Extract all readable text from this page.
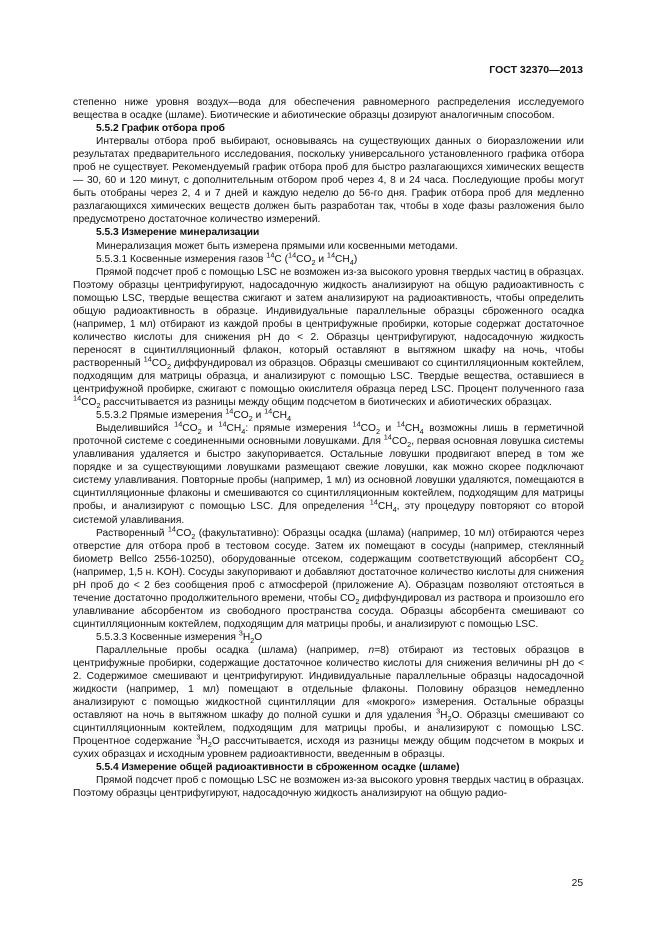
ГОСТ 32370—2013

степенно ниже уровня воздух—вода для обеспечения равномерного распределения исследуемого вещества в осадке (шламе). Биотические и абиотические образцы дозируют аналогичным способом.

5.5.2 График отбора проб

Интервалы отбора проб выбирают, основываясь на существующих данных о биоразложении или результатах предварительного исследования, поскольку универсального установленного графика отбора проб не существует. Рекомендуемый график отбора проб для быстро разлагающихся химических веществ — 30, 60 и 120 минут, с дополнительным отбором проб через 4, 8 и 24 часа. Последующие пробы могут быть отобраны через 2, 4 и 7 дней и каждую неделю до 56-го дня. График отбора проб для медленно разлагающихся химических веществ должен быть разработан так, чтобы в ходе фазы разложения было предусмотрено достаточное количество измерений.

5.5.3 Измерение минерализации

Минерализация может быть измерена прямыми или косвенными методами.

5.5.3.1 Косвенные измерения газов $^{14}$C ($^{14}CO_2$ и $^{14}CH_4$)

Прямой подсчет проб с помощью LSC не возможен из-за высокого уровня твердых частиц в образцах. Поэтому образцы центрифугируют, надосадочную жидкость анализируют на общую радиоактивность с помощью LSC, твердые вещества сжигают и затем анализируют на радиоактивность, чтобы определить общую радиоактивность в образце. Индивидуальные параллельные образцы сброженного осадка (например, 1 мл) отбирают из каждой пробы в центрифужные пробирки, которые содержат достаточное количество кислоты для снижения pH до < 2. Образцы центрифугируют, надосадочную жидкость переносят в сцинтилляционный флакон, который оставляют в вытяжном шкафу на ночь, чтобы растворенный $^{14}CO_2$ диффундировал из образцов. Образцы смешивают со сцинтилляционным коктейлем, подходящим для матрицы образца, и анализируют с помощью LSC. Твердые вещества, оставшиеся в центрифужной пробирке, сжигают с помощью окислителя образца перед LSC. Процент полученного газа $^{14}CO_2$ рассчитывается из разницы между общим подсчетом в биотических и абиотических образцах.

5.5.3.2 Прямые измерения $^{14}CO_2$ и $^{14}CH_4$

Выделившийся $^{14}CO_2$ и $^{14}CH_4$: прямые измерения $^{14}CO_2$ и $^{14}CH_4$ возможны лишь в герметичной проточной системе с соединенными основными ловушками. Для $^{14}CO_2$, первая основная ловушка системы улавливания удаляется и быстро закупоривается. Остальные ловушки продвигают вперед в том же порядке и за существующими ловушками размещают свежие ловушки, как можно скорее подключают систему улавливания. Повторные пробы (например, 1 мл) из основной ловушки удаляются, помещаются в сцинтилляционные флаконы и смешиваются со сцинтилляционным коктейлем, подходящим для матрицы пробы, и анализируют с помощью LSC. Для определения $^{14}CH_4$, эту процедуру повторяют со второй системой улавливания.

Растворенный $^{14}CO_2$ (факультативно): Образцы осадка (шлама) (например, 10 мл) отбираются через отверстие для отбора проб в тестовом сосуде. Затем их помещают в сосуды (например, стеклянный биометр Bellco 2556-10250), оборудованные отсеком, содержащим соответствующий абсорбент $CO_2$ (например, 1,5 н. KOH). Сосуды закупоривают и добавляют достаточное количество кислоты для снижения pH проб до < 2 без сообщения проб с атмосферой (приложение А). Образцам позволяют отстояться в течение достаточно продолжительного времени, чтобы $CO_2$ диффундировал из раствора и произошло его улавливание абсорбентом из свободного пространства сосуда. Образцы абсорбента смешивают со сцинтилляционным коктейлем, подходящим для матрицы пробы, и анализируют с помощью LSC.

5.5.3.3 Косвенные измерения $^3H_2O$

Параллельные пробы осадка (шлама) (например, n=8) отбирают из тестовых образцов в центрифужные пробирки, содержащие достаточное количество кислоты для снижения величины pH до < 2. Содержимое смешивают и центрифугируют. Индивидуальные параллельные образцы надосадочной жидкости (например, 1 мл) помещают в отдельные флаконы. Половину образцов немедленно анализируют с помощью жидкостной сцинтилляции для «мокрого» измерения. Остальные образцы оставляют на ночь в вытяжном шкафу до полной сушки и для удаления $^3H_2O$. Образцы смешивают со сцинтилляционным коктейлем, подходящим для матрицы пробы, и анализируют с помощью LSC. Процентное содержание $^3H_2O$ рассчитывается, исходя из разницы между общим подсчетом в мокрых и сухих образцах и исходным уровнем радиоактивности, введенным в образцы.

5.5.4 Измерение общей радиоактивности в сброженном осадке (шламе)

Прямой подсчет проб с помощью LSC не возможен из-за высокого уровня твердых частиц в образцах. Поэтому образцы центрифугируют, надосадочную жидкость анализируют на общую радио-

25
